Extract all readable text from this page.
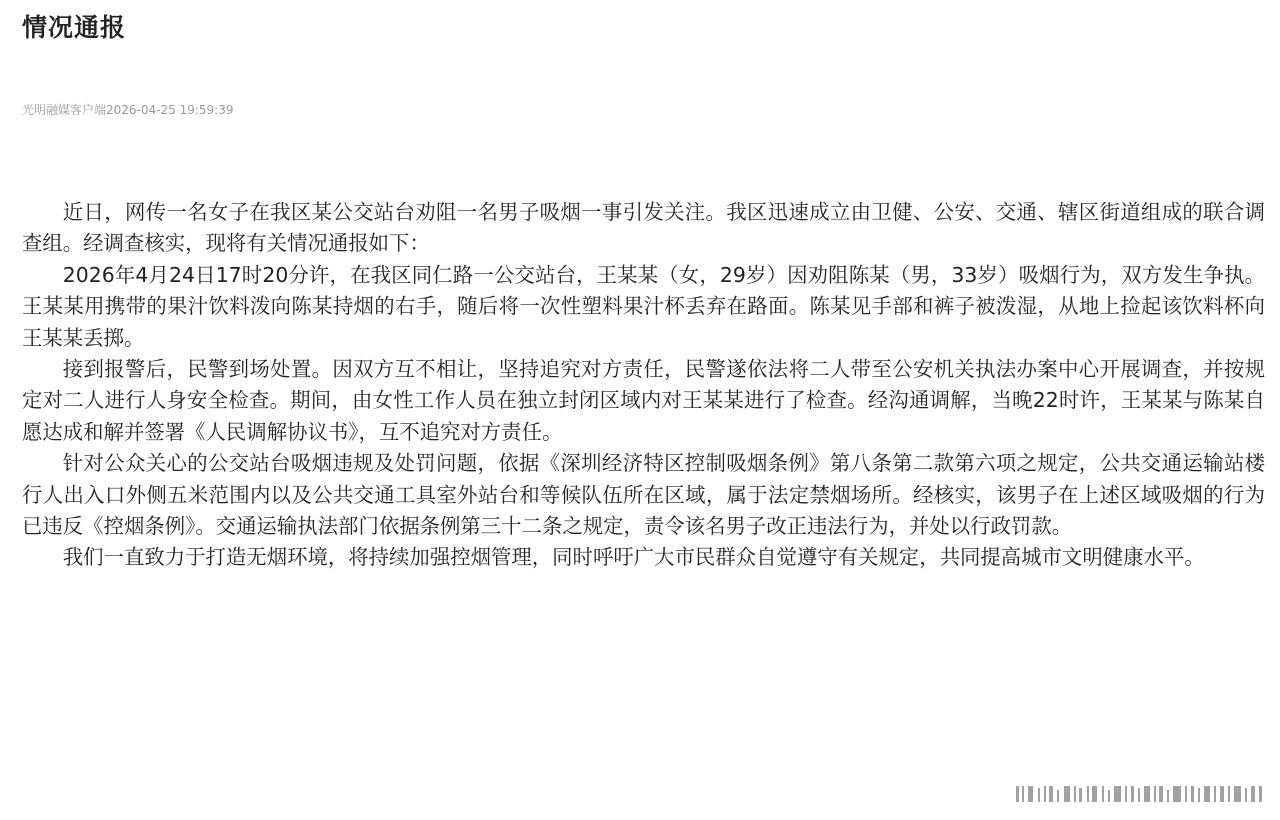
情况通报
光明融媒客户端2026-04-25 19:59:39

近日，网传一名女子在我区某公交站台劝阻一名男子吸烟一事引发关注。我区迅速成立由卫健、公安、交通、辖区街道组成的联合调查组。经调查核实，现将有关情况通报如下：

2026年4月24日17时20分许，在我区同仁路一公交站台，王某某（女，29岁）因劝阻陈某（男，33岁）吸烟行为，双方发生争执。王某某用携带的果汁饮料泼向陈某持烟的右手，随后将一次性塑料果汁杯丢弃在路面。陈某见手部和裤子被泼湿，从地上捡起该饮料杯向王某某丢掷。

接到报警后，民警到场处置。因双方互不相让，坚持追究对方责任，民警遂依法将二人带至公安机关执法办案中心开展调查，并按规定对二人进行人身安全检查。期间，由女性工作人员在独立封闭区域内对王某某进行了检查。经沟通调解，当晚22时许，王某某与陈某自愿达成和解并签署《人民调解协议书》，互不追究对方责任。

针对公众关心的公交站台吸烟违规及处罚问题，依据《深圳经济特区控制吸烟条例》第八条第二款第六项之规定，公共交通运输站楼行人出入口外侧五米范围内以及公共交通工具室外站台和等候队伍所在区域，属于法定禁烟场所。经核实，该男子在上述区域吸烟的行为已违反《控烟条例》。交通运输执法部门依据条例第三十二条之规定，责令该名男子改正违法行为，并处以行政罚款。

我们一直致力于打造无烟环境，将持续加强控烟管理，同时呼吁广大市民群众自觉遵守有关规定，共同提高城市文明健康水平。
